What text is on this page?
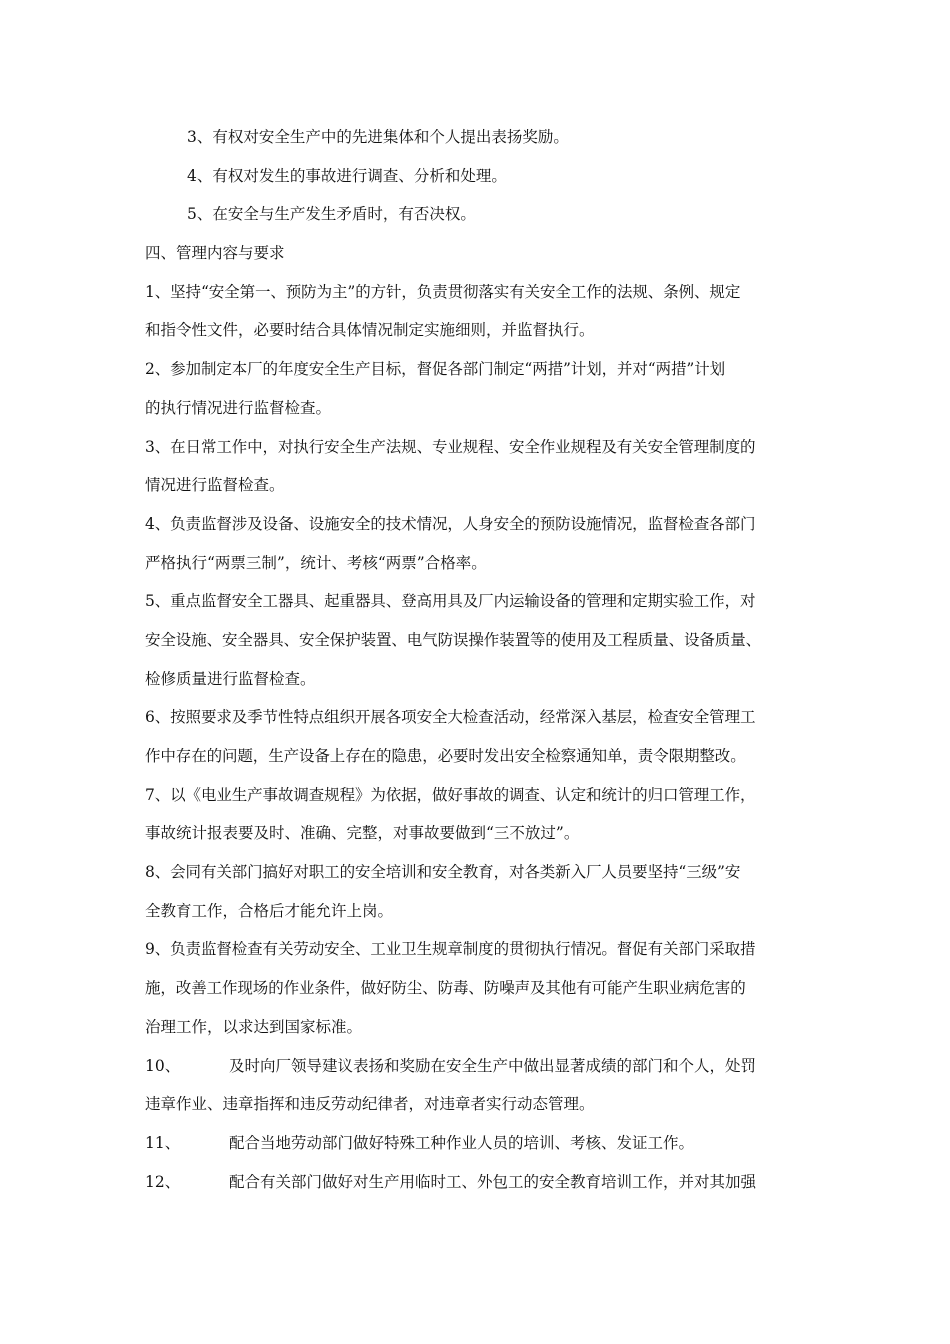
3、有权对安全生产中的先进集体和个人提出表扬奖励。
4、有权对发生的事故进行调查、分析和处理。
5、在安全与生产发生矛盾时，有否决权。
四、管理内容与要求
1、坚持“安全第一、预防为主”的方针，负责贯彻落实有关安全工作的法规、条例、规定
和指令性文件，必要时结合具体情况制定实施细则，并监督执行。
2、参加制定本厂的年度安全生产目标，督促各部门制定“两措”计划，并对“两措”计划
的执行情况进行监督检查。
3、在日常工作中，对执行安全生产法规、专业规程、安全作业规程及有关安全管理制度的
情况进行监督检查。
4、负责监督涉及设备、设施安全的技术情况，人身安全的预防设施情况，监督检查各部门
严格执行“两票三制”，统计、考核“两票”合格率。
5、重点监督安全工器具、起重器具、登高用具及厂内运输设备的管理和定期实验工作，对
安全设施、安全器具、安全保护装置、电气防误操作装置等的使用及工程质量、设备质量、
检修质量进行监督检查。
6、按照要求及季节性特点组织开展各项安全大检查活动，经常深入基层，检查安全管理工
作中存在的问题，生产设备上存在的隐患，必要时发出安全检察通知单，责令限期整改。
7、以《电业生产事故调查规程》为依据，做好事故的调查、认定和统计的归口管理工作，
事故统计报表要及时、准确、完整，对事故要做到“三不放过”。
8、会同有关部门搞好对职工的安全培训和安全教育，对各类新入厂人员要坚持“三级”安
全教育工作，合格后才能允许上岗。
9、负责监督检查有关劳动安全、工业卫生规章制度的贯彻执行情况。督促有关部门采取措
施，改善工作现场的作业条件，做好防尘、防毒、防噪声及其他有可能产生职业病危害的
治理工作，以求达到国家标准。
10、	及时向厂领导建议表扬和奖励在安全生产中做出显著成绩的部门和个人，处罚
违章作业、违章指挥和违反劳动纪律者，对违章者实行动态管理。
11、	配合当地劳动部门做好特殊工种作业人员的培训、考核、发证工作。
12、	配合有关部门做好对生产用临时工、外包工的安全教育培训工作，并对其加强
